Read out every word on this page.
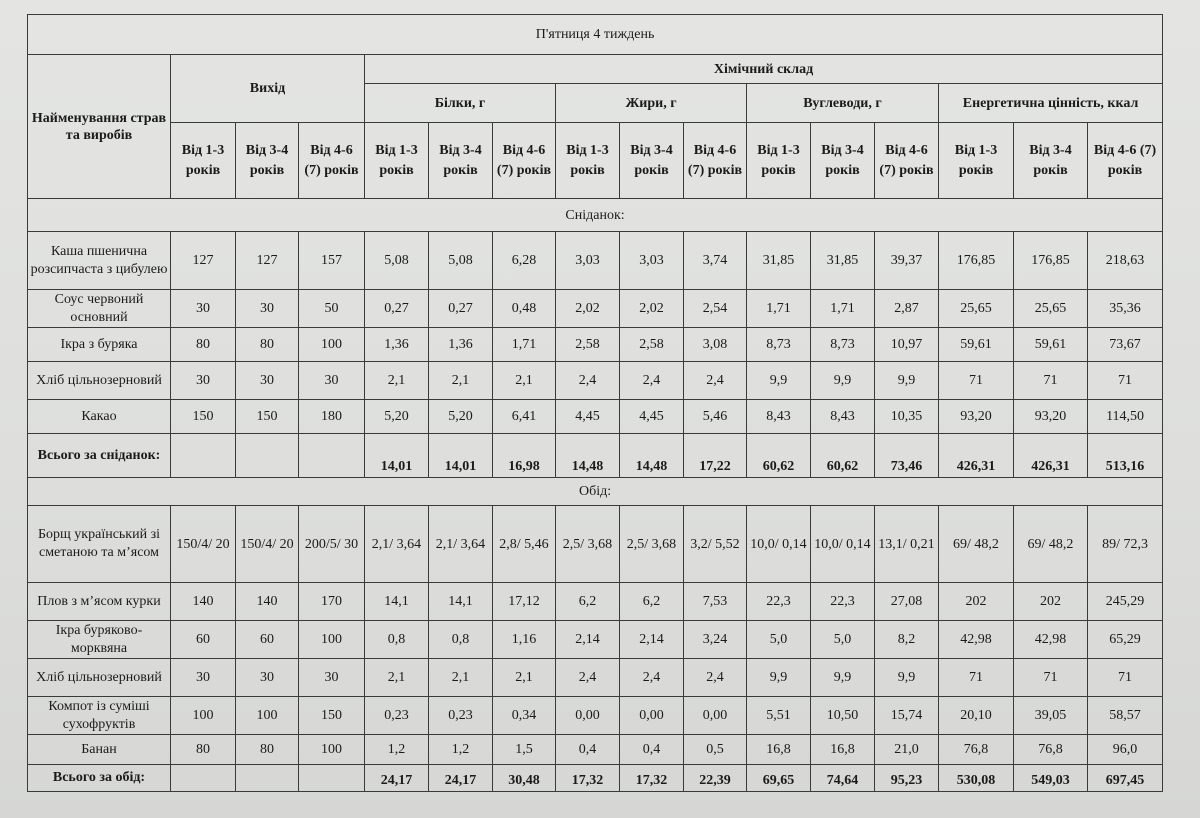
П'ятниця 4 тиждень															
Найменування страв та виробів	Вихід			Хімічний склад											
				Білки, г			Жири, г			Вуглеводи, г			Енергетична цінність, ккал		
	Від 1-3 років	Від 3-4 років	Від 4-6 (7) років	Від 1-3 років	Від 3-4 років	Від 4-6 (7) років	Від 1-3 років	Від 3-4 років	Від 4-6 (7) років	Від 1-3 років	Від 3-4 років	Від 4-6 (7) років	Від 1-3 років	Від 3-4 років	Від 4-6 (7) років
Сніданок:															
Каша пшенична розсипчаста з цибулею	127	127	157	5,08	5,08	6,28	3,03	3,03	3,74	31,85	31,85	39,37	176,85	176,85	218,63
Соус червоний основний	30	30	50	0,27	0,27	0,48	2,02	2,02	2,54	1,71	1,71	2,87	25,65	25,65	35,36
Ікра з буряка	80	80	100	1,36	1,36	1,71	2,58	2,58	3,08	8,73	8,73	10,97	59,61	59,61	73,67
Хліб цільнозерновий	30	30	30	2,1	2,1	2,1	2,4	2,4	2,4	9,9	9,9	9,9	71	71	71
Какао	150	150	180	5,20	5,20	6,41	4,45	4,45	5,46	8,43	8,43	10,35	93,20	93,20	114,50
Всього за сніданок:				14,01	14,01	16,98	14,48	14,48	17,22	60,62	60,62	73,46	426,31	426,31	513,16
Обід:															
Борщ український зі сметаною та м’ясом	150/4/ 20	150/4/ 20	200/5/ 30	2,1/ 3,64	2,1/ 3,64	2,8/ 5,46	2,5/ 3,68	2,5/ 3,68	3,2/ 5,52	10,0/ 0,14	10,0/ 0,14	13,1/ 0,21	69/ 48,2	69/ 48,2	89/ 72,3
Плов з м’ясом курки	140	140	170	14,1	14,1	17,12	6,2	6,2	7,53	22,3	22,3	27,08	202	202	245,29
Ікра буряково-морквяна	60	60	100	0,8	0,8	1,16	2,14	2,14	3,24	5,0	5,0	8,2	42,98	42,98	65,29
Хліб цільнозерновий	30	30	30	2,1	2,1	2,1	2,4	2,4	2,4	9,9	9,9	9,9	71	71	71
Компот із суміші сухофруктів	100	100	150	0,23	0,23	0,34	0,00	0,00	0,00	5,51	10,50	15,74	20,10	39,05	58,57
Банан	80	80	100	1,2	1,2	1,5	0,4	0,4	0,5	16,8	16,8	21,0	76,8	76,8	96,0
Всього за обід:				24,17	24,17	30,48	17,32	17,32	22,39	69,65	74,64	95,23	530,08	549,03	697,45
